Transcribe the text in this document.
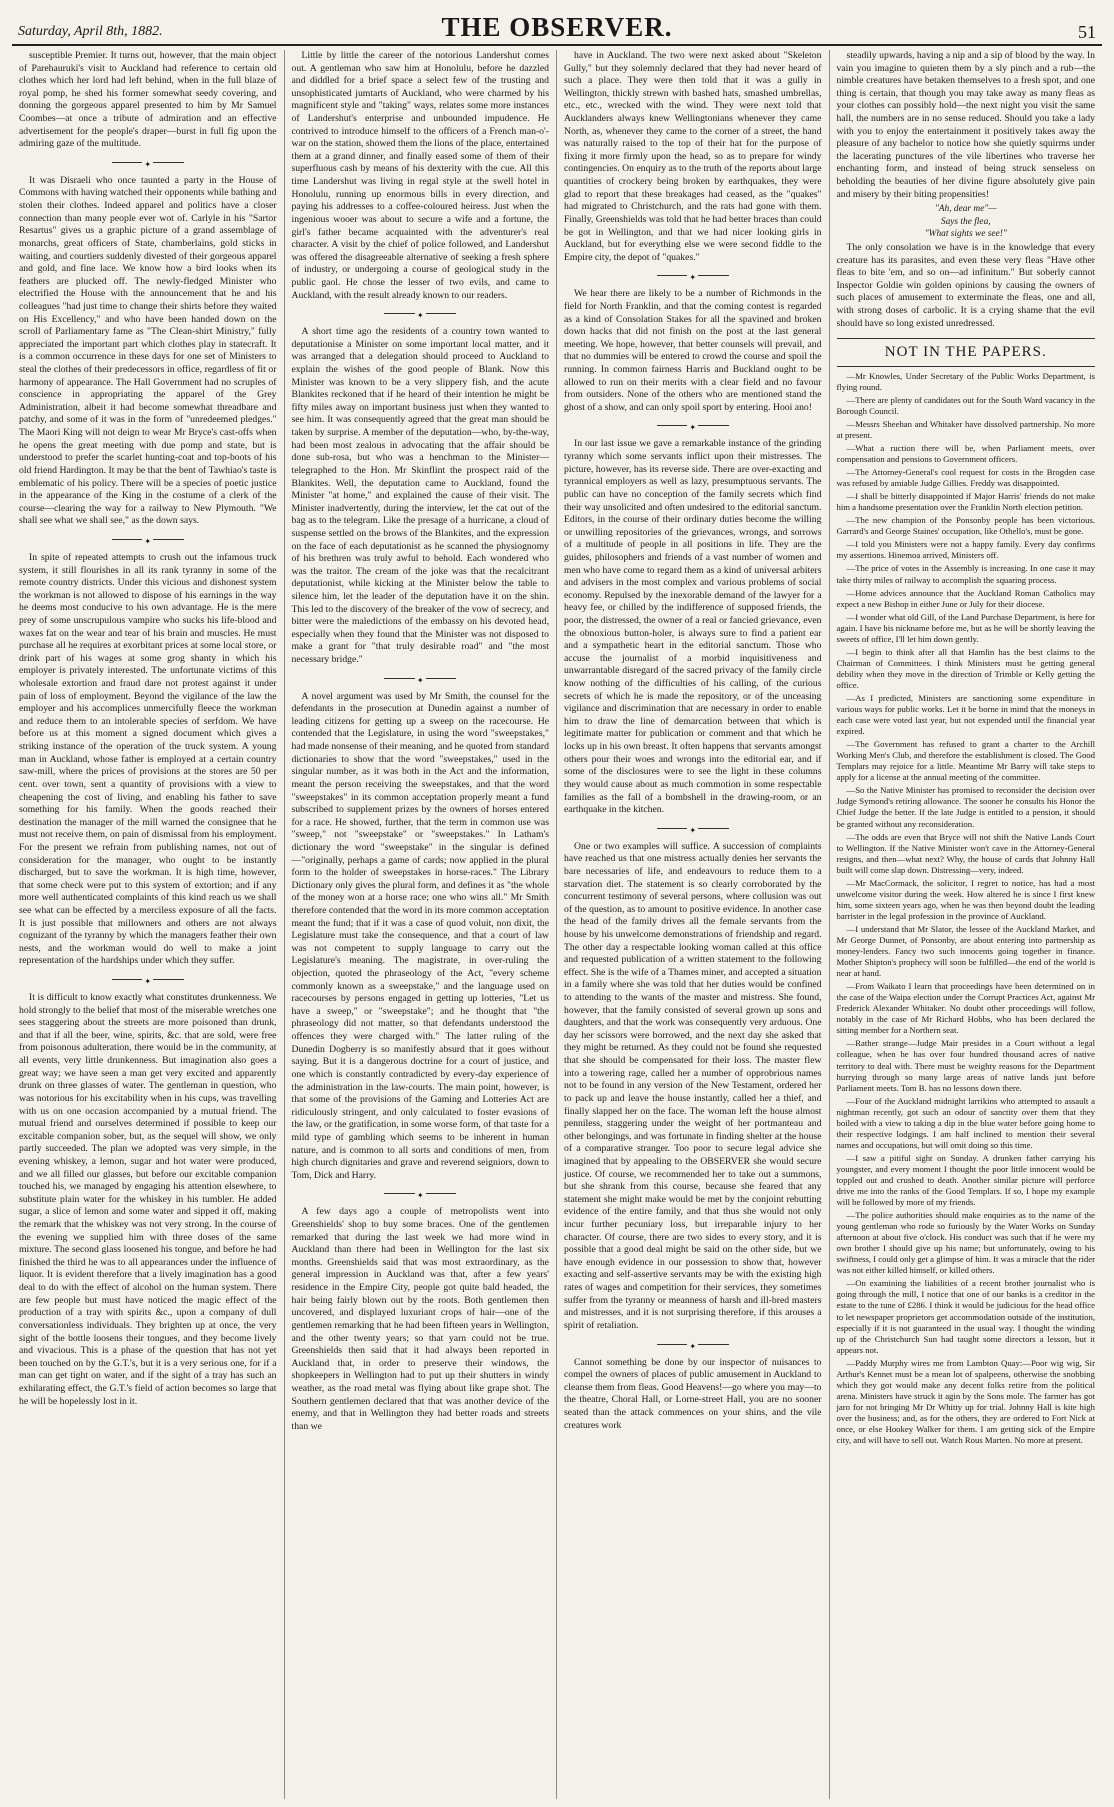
Saturday, April 8th, 1882.	THE OBSERVER.	51

susceptible Premier. It turns out, however, that the main object of Parehauruki's visit to Auckland had reference to certain old clothes which her lord had left behind, when in the full blaze of royal pomp, he shed his former somewhat seedy covering, and donning the gorgeous apparel presented to him by Mr Samuel Coombes—at once a tribute of admiration and an effective advertisement for the people's draper—burst in full fig upon the admiring gaze of the multitude.

✦

It was Disraeli who once taunted a party in the House of Commons with having watched their opponents while bathing and stolen their clothes. Indeed apparel and politics have a closer connection than many people ever wot of. Carlyle in his "Sartor Resartus" gives us a graphic picture of a grand assemblage of monarchs, great officers of State, chamberlains, gold sticks in waiting, and courtiers suddenly divested of their gorgeous apparel and gold, and fine lace. We know how a bird looks when its feathers are plucked off. The newly-fledged Minister who electrified the House with the announcement that he and his colleagues "had just time to change their shirts before they waited on His Excellency," and who have been handed down on the scroll of Parliamentary fame as "The Clean-shirt Ministry," fully appreciated the important part which clothes play in statecraft. It is a common occurrence in these days for one set of Ministers to steal the clothes of their predecessors in office, regardless of fit or harmony of appearance. The Hall Government had no scruples of conscience in appropriating the apparel of the Grey Administration, albeit it had become somewhat threadbare and patchy, and some of it was in the form of "unredeemed pledges." The Maori King will not deign to wear Mr Bryce's cast-offs when he opens the great meeting with due pomp and state, but is understood to prefer the scarlet hunting-coat and top-boots of his old friend Hardington. It may be that the bent of Tawhiao's taste is emblematic of his policy. There will be a species of poetic justice in the appearance of the King in the costume of a clerk of the course—clearing the way for a railway to New Plymouth. "We shall see what we shall see," as the down says.

✦

In spite of repeated attempts to crush out the infamous truck system, it still flourishes in all its rank tyranny in some of the remote country districts. Under this vicious and dishonest system the workman is not allowed to dispose of his earnings in the way he deems most conducive to his own advantage. He is the mere prey of some unscrupulous vampire who sucks his life-blood and waxes fat on the wear and tear of his brain and muscles. He must purchase all he requires at exorbitant prices at some local store, or drink part of his wages at some grog shanty in which his employer is privately interested. The unfortunate victims of this wholesale extortion and fraud dare not protest against it under pain of loss of employment. Beyond the vigilance of the law the employer and his accomplices unmercifully fleece the workman and reduce them to an intolerable species of serfdom. We have before us at this moment a signed document which gives a striking instance of the operation of the truck system. A young man in Auckland, whose father is employed at a certain country saw-mill, where the prices of provisions at the stores are 50 per cent. over town, sent a quantity of provisions with a view to cheapening the cost of living, and enabling his father to save something for his family. When the goods reached their destination the manager of the mill warned the consignee that he must not receive them, on pain of dismissal from his employment. For the present we refrain from publishing names, not out of consideration for the manager, who ought to be instantly discharged, but to save the workman. It is high time, however, that some check were put to this system of extortion; and if any more well authenticated complaints of this kind reach us we shall see what can be effected by a merciless exposure of all the facts. It is just possible that millowners and others are not always cognizant of the tyranny by which the managers feather their own nests, and the workman would do well to make a joint representation of the hardships under which they suffer.

✦

It is difficult to know exactly what constitutes drunkenness. We hold strongly to the belief that most of the miserable wretches one sees staggering about the streets are more poisoned than drunk, and that if all the beer, wine, spirits, &c. that are sold, were free from poisonous adulteration, there would be in the community, at all events, very little drunkenness. But imagination also goes a great way; we have seen a man get very excited and apparently drunk on three glasses of water. The gentleman in question, who was notorious for his excitability when in his cups, was travelling with us on one occasion accompanied by a mutual friend. The mutual friend and ourselves determined if possible to keep our excitable companion sober, but, as the sequel will show, we only partly succeeded. The plan we adopted was very simple, in the evening whiskey, a lemon, sugar and hot water were produced, and we all filled our glasses, but before our excitable companion touched his, we managed by engaging his attention elsewhere, to substitute plain water for the whiskey in his tumbler. He added sugar, a slice of lemon and some water and sipped it off, making the remark that the whiskey was not very strong. In the course of the evening we supplied him with three doses of the same mixture. The second glass loosened his tongue, and before he had finished the third he was to all appearances under the influence of liquor. It is evident therefore that a lively imagination has a good deal to do with the effect of alcohol on the human system. There are few people but must have noticed the magic effect of the production of a tray with spirits &c., upon a company of dull conversationless individuals. They brighten up at once, the very sight of the bottle loosens their tongues, and they become lively and vivacious. This is a phase of the question that has not yet been touched on by the G.T.'s, but it is a very serious one, for if a man can get tight on water, and if the sight of a tray has such an exhilarating effect, the G.T.'s field of action becomes so large that he will be hopelessly lost in it.

Little by little the career of the notorious Landershut comes out. A gentleman who saw him at Honolulu, before he dazzled and diddled for a brief space a select few of the trusting and unsophisticated jumtarts of Auckland, who were charmed by his magnificent style and "taking" ways, relates some more instances of Landershut's enterprise and unbounded impudence. He contrived to introduce himself to the officers of a French man-o'-war on the station, showed them the lions of the place, entertained them at a grand dinner, and finally eased some of them of their superfluous cash by means of his dexterity with the cue. All this time Landershut was living in regal style at the swell hotel in Honolulu, running up enormous bills in every direction, and paying his addresses to a coffee-coloured heiress. Just when the ingenious wooer was about to secure a wife and a fortune, the girl's father became acquainted with the adventurer's real character. A visit by the chief of police followed, and Landershut was offered the disagreeable alternative of seeking a fresh sphere of industry, or undergoing a course of geological study in the public gaol. He chose the lesser of two evils, and came to Auckland, with the result already known to our readers.

✦

A short time ago the residents of a country town wanted to deputationise a Minister on some important local matter, and it was arranged that a delegation should proceed to Auckland to explain the wishes of the good people of Blank. Now this Minister was known to be a very slippery fish, and the acute Blankites reckoned that if he heard of their intention he might be fifty miles away on important business just when they wanted to see him. It was consequently agreed that the great man should be taken by surprise. A member of the deputation—who, by-the-way, had been most zealous in advocating that the affair should be done sub-rosa, but who was a henchman to the Minister—telegraphed to the Hon. Mr Skinflint the prospect raid of the Blankites. Well, the deputation came to Auckland, found the Minister "at home," and explained the cause of their visit. The Minister inadvertently, during the interview, let the cat out of the bag as to the telegram. Like the presage of a hurricane, a cloud of suspense settled on the brows of the Blankites, and the expression on the face of each deputationist as he scanned the physiognomy of his brethren was truly awful to behold. Each wondered who was the traitor. The cream of the joke was that the recalcitrant deputationist, while kicking at the Minister below the table to silence him, let the leader of the deputation have it on the shin. This led to the discovery of the breaker of the vow of secrecy, and bitter were the maledictions of the embassy on his devoted head, especially when they found that the Minister was not disposed to make a grant for "that truly desirable road" and "the most necessary bridge."

✦

A novel argument was used by Mr Smith, the counsel for the defendants in the prosecution at Dunedin against a number of leading citizens for getting up a sweep on the racecourse. He contended that the Legislature, in using the word "sweepstakes," had made nonsense of their meaning, and he quoted from standard dictionaries to show that the word "sweepstakes," used in the singular number, as it was both in the Act and the information, meant the person receiving the sweepstakes, and that the word "sweepstakes" in its common acceptation properly meant a fund subscribed to supplement prizes by the owners of horses entered for a race. He showed, further, that the term in common use was "sweep," not "sweepstake" or "sweepstakes." In Latham's dictionary the word "sweepstake" in the singular is defined—"originally, perhaps a game of cards; now applied in the plural form to the holder of sweepstakes in horse-races." The Library Dictionary only gives the plural form, and defines it as "the whole of the money won at a horse race; one who wins all." Mr Smith therefore contended that the word in its more common acceptation meant the fund; that if it was a case of quod voluit, non dixit, the Legislature must take the consequence, and that a court of law was not competent to supply language to carry out the Legislature's meaning. The magistrate, in over-ruling the objection, quoted the phraseology of the Act, "every scheme commonly known as a sweepstake," and the language used on racecourses by persons engaged in getting up lotteries, "Let us have a sweep," or "sweepstake"; and he thought that "the phraseology did not matter, so that defendants understood the offences they were charged with." The latter ruling of the Dunedin Dogberry is so manifestly absurd that it goes without saying. But it is a dangerous doctrine for a court of justice, and one which is constantly contradicted by every-day experience of the administration in the law-courts. The main point, however, is that some of the provisions of the Gaming and Lotteries Act are ridiculously stringent, and only calculated to foster evasions of the law, or the gratification, in some worse form, of that taste for a mild type of gambling which seems to be inherent in human nature, and is common to all sorts and conditions of men, from high church dignitaries and grave and reverend seigniors, down to Tom, Dick and Harry.

✦

A few days ago a couple of metropolists went into Greenshields' shop to buy some braces. One of the gentlemen remarked that during the last week we had more wind in Auckland than there had been in Wellington for the last six months. Greenshields said that was most extraordinary, as the general impression in Auckland was that, after a few years' residence in the Empire City, people got quite bald headed, the hair being fairly blown out by the roots. Both gentlemen then uncovered, and displayed luxuriant crops of hair—one of the gentlemen remarking that he had been fifteen years in Wellington, and the other twenty years; so that yarn could not be true. Greenshields then said that it had always been reported in Auckland that, in order to preserve their windows, the shopkeepers in Wellington had to put up their shutters in windy weather, as the road metal was flying about like grape shot. The Southern gentlemen declared that that was another device of the enemy, and that in Wellington they had better roads and streets than we

have in Auckland. The two were next asked about "Skeleton Gully," but they solemnly declared that they had never heard of such a place. They were then told that it was a gully in Wellington, thickly strewn with bashed hats, smashed umbrellas, etc., etc., wrecked with the wind. They were next told that Aucklanders always knew Wellingtonians whenever they came North, as, whenever they came to the corner of a street, the hand was naturally raised to the top of their hat for the purpose of fixing it more firmly upon the head, so as to prepare for windy contingencies. On enquiry as to the truth of the reports about large quantities of crockery being broken by earthquakes, they were glad to report that these breakages had ceased, as the "quakes" had migrated to Christchurch, and the rats had gone with them. Finally, Greenshields was told that he had better braces than could be got in Wellington, and that we had nicer looking girls in Auckland, but for everything else we were second fiddle to the Empire city, the depot of "quakes."

✦

We hear there are likely to be a number of Richmonds in the field for North Franklin, and that the coming contest is regarded as a kind of Consolation Stakes for all the spavined and broken down hacks that did not finish on the post at the last general meeting. We hope, however, that better counsels will prevail, and that no dummies will be entered to crowd the course and spoil the running. In common fairness Harris and Buckland ought to be allowed to run on their merits with a clear field and no favour from outsiders. None of the others who are mentioned stand the ghost of a show, and can only spoil sport by entering. Hooi ano!

✦

In our last issue we gave a remarkable instance of the grinding tyranny which some servants inflict upon their mistresses. The picture, however, has its reverse side. There are over-exacting and tyrannical employers as well as lazy, presumptuous servants. The public can have no conception of the family secrets which find their way unsolicited and often undesired to the editorial sanctum. Editors, in the course of their ordinary duties become the willing or unwilling repositories of the grievances, wrongs, and sorrows of a multitude of people in all positions in life. They are the guides, philosophers and friends of a vast number of women and men who have come to regard them as a kind of universal arbiters and advisers in the most complex and various problems of social economy. Repulsed by the inexorable demand of the lawyer for a heavy fee, or chilled by the indifference of supposed friends, the poor, the distressed, the owner of a real or fancied grievance, even the obnoxious button-holer, is always sure to find a patient ear and a sympathetic heart in the editorial sanctum. Those who accuse the journalist of a morbid inquisitiveness and unwarrantable disregard of the sacred privacy of the family circle know nothing of the difficulties of his calling, of the curious secrets of which he is made the repository, or of the unceasing vigilance and discrimination that are necessary in order to enable him to draw the line of demarcation between that which is legitimate matter for publication or comment and that which he locks up in his own breast. It often happens that servants amongst others pour their woes and wrongs into the editorial ear, and if some of the disclosures were to see the light in these columns they would cause about as much commotion in some respectable families as the fall of a bombshell in the drawing-room, or an earthquake in the kitchen.

✦

One or two examples will suffice. A succession of complaints have reached us that one mistress actually denies her servants the bare necessaries of life, and endeavours to reduce them to a starvation diet. The statement is so clearly corroborated by the concurrent testimony of several persons, where collusion was out of the question, as to amount to positive evidence. In another case the head of the family drives all the female servants from the house by his unwelcome demonstrations of friendship and regard. The other day a respectable looking woman called at this office and requested publication of a written statement to the following effect. She is the wife of a Thames miner, and accepted a situation in a family where she was told that her duties would be confined to attending to the wants of the master and mistress. She found, however, that the family consisted of several grown up sons and daughters, and that the work was consequently very arduous. One day her scissors were borrowed, and the next day she asked that they might be returned. As they could not be found she requested that she should be compensated for their loss. The master flew into a towering rage, called her a number of opprobrious names not to be found in any version of the New Testament, ordered her to pack up and leave the house instantly, called her a thief, and finally slapped her on the face. The woman left the house almost penniless, staggering under the weight of her portmanteau and other belongings, and was fortunate in finding shelter at the house of a comparative stranger. Too poor to secure legal advice she imagined that by appealing to the OBSERVER she would secure justice. Of course, we recommended her to take out a summons, but she shrank from this course, because she feared that any statement she might make would be met by the conjoint rebutting evidence of the entire family, and that thus she would not only incur further pecuniary loss, but irreparable injury to her character. Of course, there are two sides to every story, and it is possible that a good deal might be said on the other side, but we have enough evidence in our possession to show that, however exacting and self-assertive servants may be with the existing high rates of wages and competition for their services, they sometimes suffer from the tyranny or meanness of harsh and ill-bred masters and mistresses, and it is not surprising therefore, if this arouses a spirit of retaliation.

✦

Cannot something be done by our inspector of nuisances to compel the owners of places of public amusement in Auckland to cleanse them from fleas. Good Heavens!—go where you may—to the theatre, Choral Hall, or Lorne-street Hall, you are no sooner seated than the attack commences on your shins, and the vile creatures work

steadily upwards, having a nip and a sip of blood by the way. In vain you imagine to quieten them by a sly pinch and a rub—the nimble creatures have betaken themselves to a fresh spot, and one thing is certain, that though you may take away as many fleas as your clothes can possibly hold—the next night you visit the same hall, the numbers are in no sense reduced. Should you take a lady with you to enjoy the entertainment it positively takes away the pleasure of any bachelor to notice how she quietly squirms under the lacerating punctures of the vile libertines who traverse her enchanting form, and instead of being struck senseless on beholding the beauties of her divine figure absolutely give pain and misery by their biting propensities!

"Ah, dear me"—
Says the flea,
"What sights we see!"

The only consolation we have is in the knowledge that every creature has its parasites, and even these very fleas "Have other fleas to bite 'em, and so on—ad infinitum." But soberly cannot Inspector Goldie win golden opinions by causing the owners of such places of amusement to exterminate the fleas, one and all, with strong doses of carbolic. It is a crying shame that the evil should have so long existed unredressed.

NOT IN THE PAPERS.

—Mr Knowles, Under Secretary of the Public Works Department, is flying round.

—There are plenty of candidates out for the South Ward vacancy in the Borough Council.

—Messrs Sheehan and Whitaker have dissolved partnership. No more at present.

—What a ruction there will be, when Parliament meets, over compensation and pensions to Government officers.

—The Attorney-General's cool request for costs in the Brogden case was refused by amiable Judge Gillies. Freddy was disappointed.

—I shall be bitterly disappointed if Major Harris' friends do not make him a handsome presentation over the Franklin North election petition.

—The new champion of the Ponsonby people has been victorious. Garrard's and George Staines' occupation, like Othello's, must be gone.

—I told you Ministers were not a happy family. Every day confirms my assertions. Hinemoa arrived, Ministers off.

—The price of votes in the Assembly is increasing. In one case it may take thirty miles of railway to accomplish the squaring process.

—Home advices announce that the Auckland Roman Catholics may expect a new Bishop in either June or July for their diocese.

—I wonder what old Gill, of the Land Purchase Department, is here for again. I have his nickname before me, but as he will be shortly leaving the sweets of office, I'll let him down gently.

—I begin to think after all that Hamlin has the best claims to the Chairman of Committees. I think Ministers must be getting general debility when they move in the direction of Trimble or Kelly getting the office.

—As I predicted, Ministers are sanctioning some expenditure in various ways for public works. Let it be borne in mind that the moneys in each case were voted last year, but not expended until the financial year expired.

—The Government has refused to grant a charter to the Archill Working Men's Club, and therefore the establishment is closed. The Good Templars may rejoice for a little. Meantime Mr Barry will take steps to apply for a license at the annual meeting of the committee.

—So the Native Minister has promised to reconsider the decision over Judge Symond's retiring allowance. The sooner he consults his Honor the Chief Judge the better. If the late Judge is entitled to a pension, it should be granted without any reconsideration.

—The odds are even that Bryce will not shift the Native Lands Court to Wellington. If the Native Minister won't cave in the Attorney-General resigns, and then—what next? Why, the house of cards that Johnny Hall built will come slap down. Distressing—very, indeed.

—Mr MacCormack, the solicitor, I regret to notice, has had a most unwelcome visitor during the week. How altered he is since I first knew him, some sixteen years ago, when he was then beyond doubt the leading barrister in the legal profession in the province of Auckland.

—I understand that Mr Slator, the lessee of the Auckland Market, and Mr George Dunnet, of Ponsonby, are about entering into partnership as money-lenders. Fancy two such innocents going together in finance. Mother Shipton's prophecy will soon be fulfilled—the end of the world is near at hand.

—From Waikato I learn that proceedings have been determined on in the case of the Waipa election under the Corrupt Practices Act, against Mr Frederick Alexander Whitaker. No doubt other proceedings will follow, notably in the case of Mr Richard Hobbs, who has been declared the sitting member for a Northern seat.

—Rather strange—Judge Mair presides in a Court without a legal colleague, when he has over four hundred thousand acres of native territory to deal with. There must be weighty reasons for the Department hurrying through so many large areas of native lands just before Parliament meets. Tom B. has no lessons down there.

—Four of the Auckland midnight larrikins who attempted to assault a nightman recently, got such an odour of sanctity over them that they boiled with a view to taking a dip in the blue water before going home to their respective lodgings. I am half inclined to mention their several names and occupations, but will omit doing so this time.

—I saw a pitiful sight on Sunday. A drunken father carrying his youngster, and every moment I thought the poor little innocent would be toppled out and crushed to death. Another similar picture will perforce drive me into the ranks of the Good Templars. If so, I hope my example will be followed by more of my friends.

—The police authorities should make enquiries as to the name of the young gentleman who rode so furiously by the Water Works on Sunday afternoon at about five o'clock. His conduct was such that if he were my own brother I should give up his name; but unfortunately, owing to his swiftness, I could only get a glimpse of him. It was a miracle that the rider was not either killed himself, or killed others.

—On examining the liabilities of a recent brother journalist who is going through the mill, I notice that one of our banks is a creditor in the estate to the tune of £286. I think it would be judicious for the head office to let newspaper proprietors get accommodation outside of the institution, especially if it is not guaranteed in the usual way. I thought the winding up of the Christchurch Sun had taught some directors a lesson, but it appears not.

—Paddy Murphy wires me from Lambton Quay:—Poor wig wig, Sir Arthur's Kennet must be a mean lot of spalpeens, otherwise the snobbing which they got would make any decent folks retire from the political arena. Ministers have struck it agin by the Sons mole. The farmer has got jaro for not bringing Mr Dr Whitty up for trial. Johnny Hall is kite high over the business; and, as for the others, they are ordered to Fort Nick at once, or else Hookey Walker for them. I am getting sick of the Empire city, and will have to sell out. Watch Rous Marten. No more at present.
